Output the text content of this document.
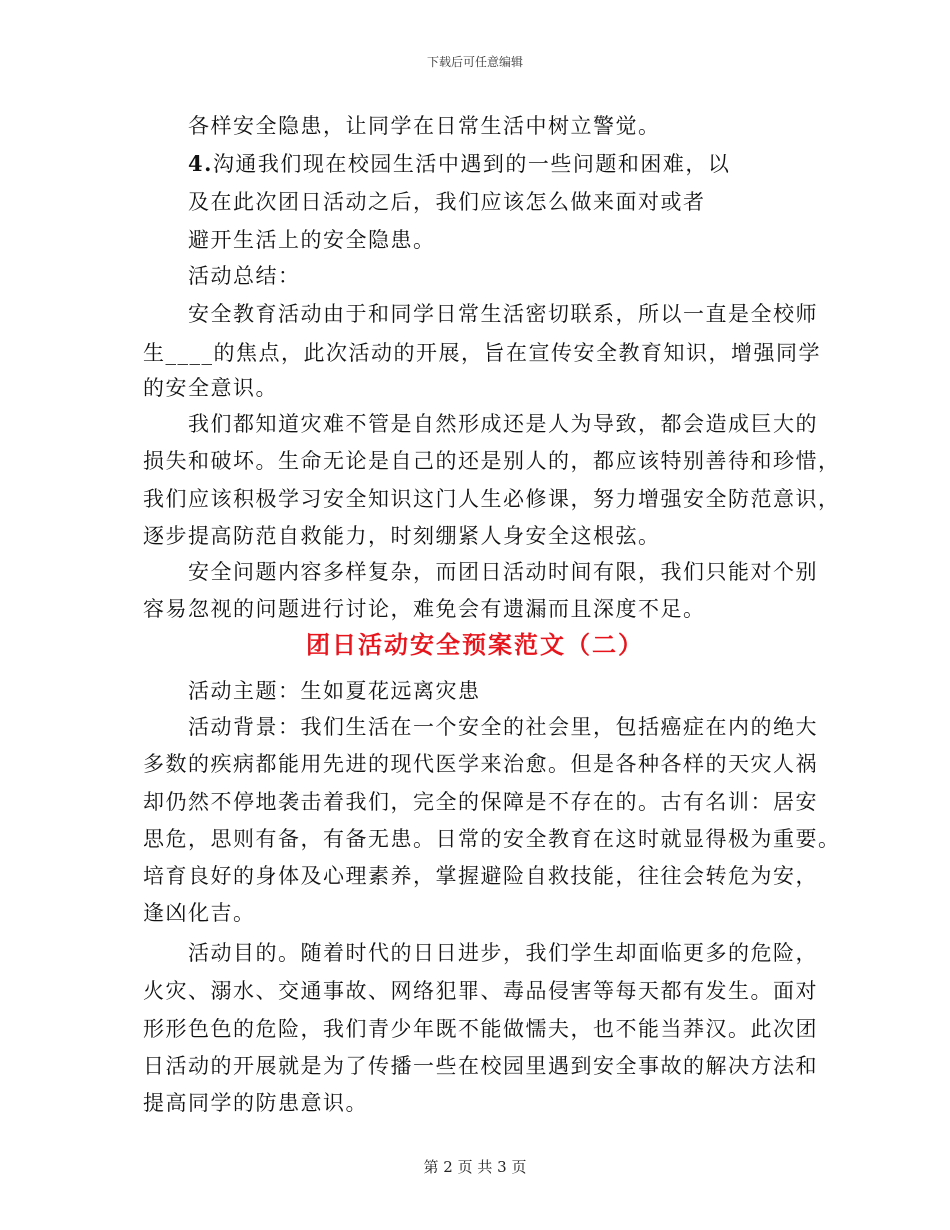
下载后可任意编辑
各样安全隐患，让同学在日常生活中树立警觉。
4.沟通我们现在校园生活中遇到的一些问题和困难，以
及在此次团日活动之后，我们应该怎么做来面对或者
避开生活上的安全隐患。
活动总结：
安全教育活动由于和同学日常生活密切联系，所以一直是全校师
生____的焦点，此次活动的开展，旨在宣传安全教育知识，增强同学
的安全意识。
我们都知道灾难不管是自然形成还是人为导致，都会造成巨大的
损失和破坏。生命无论是自己的还是别人的，都应该特别善待和珍惜，
我们应该积极学习安全知识这门人生必修课，努力增强安全防范意识，
逐步提高防范自救能力，时刻绷紧人身安全这根弦。
安全问题内容多样复杂，而团日活动时间有限，我们只能对个别
容易忽视的问题进行讨论，难免会有遗漏而且深度不足。
团日活动安全预案范文（二）
活动主题：生如夏花远离灾患
活动背景：我们生活在一个安全的社会里，包括癌症在内的绝大
多数的疾病都能用先进的现代医学来治愈。但是各种各样的天灾人祸
却仍然不停地袭击着我们，完全的保障是不存在的。古有名训：居安
思危，思则有备，有备无患。日常的安全教育在这时就显得极为重要。
培育良好的身体及心理素养，掌握避险自救技能，往往会转危为安，
逢凶化吉。
活动目的。随着时代的日日进步，我们学生却面临更多的危险，
火灾、溺水、交通事故、网络犯罪、毒品侵害等每天都有发生。面对
形形色色的危险，我们青少年既不能做懦夫，也不能当莽汉。此次团
日活动的开展就是为了传播一些在校园里遇到安全事故的解决方法和
提高同学的防患意识。
第 2 页 共 3 页
